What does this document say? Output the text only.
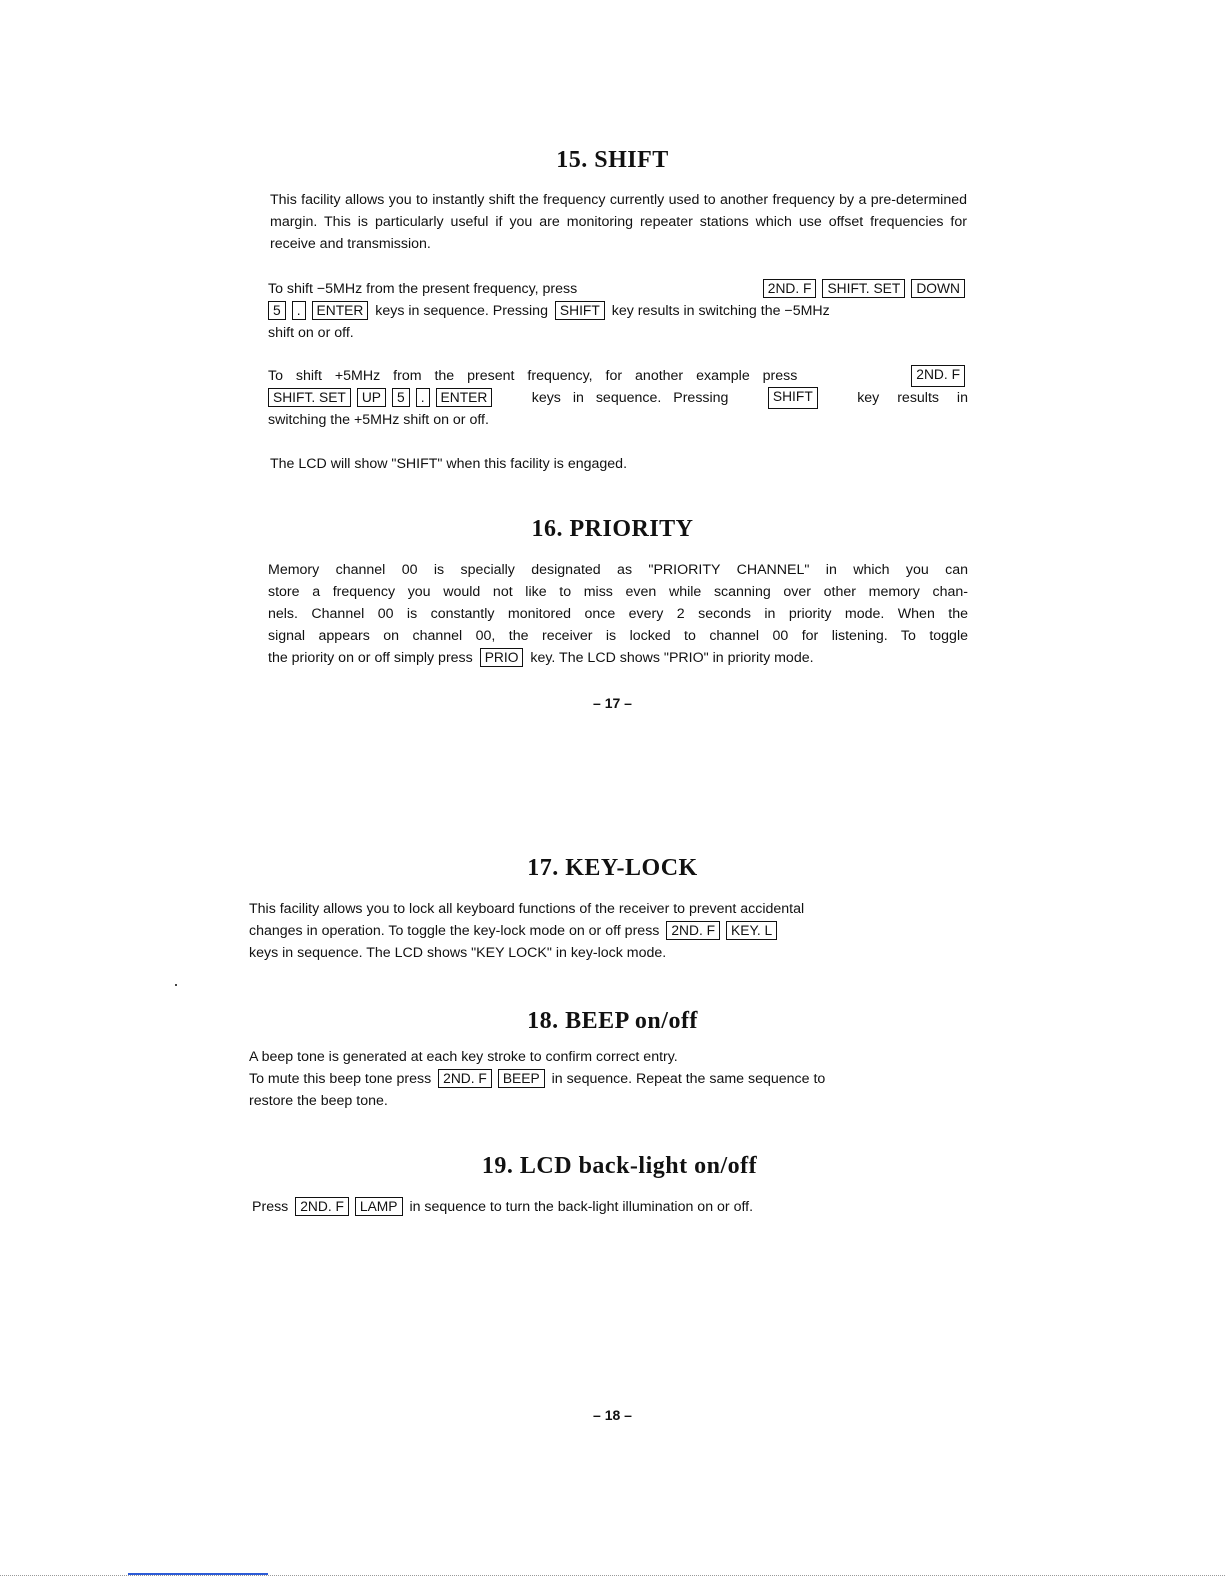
15. SHIFT

This facility allows you to instantly shift the frequency currently used to another frequency by a pre-determined margin. This is particularly useful if you are monitoring repeater stations which use offset frequencies for receive and transmission.

To shift −5MHz from the present frequency, press	2ND. F SHIFT. SET DOWN
5 . ENTER keys in sequence. Pressing SHIFT key results in switching the −5MHz
shift on or off.
To shift +5MHz from the present frequency, for another example press	2ND. F
SHIFT. SET UP 5 . ENTER	keys in sequence. Pressing	SHIFT	key results in
switching the +5MHz shift on or off.

The LCD will show "SHIFT" when this facility is engaged.

16. PRIORITY
Memory channel 00 is specially designated as "PRIORITY CHANNEL" in which you can
store a frequency you would not like to miss even while scanning over other memory chan-
nels. Channel 00 is constantly monitored once every 2 seconds in priority mode. When the
signal appears on channel 00, the receiver is locked to channel 00 for listening. To toggle
the priority on or off simply press PRIO key. The LCD shows "PRIO" in priority mode.
– 17 –
17. KEY-LOCK
This facility allows you to lock all keyboard functions of the receiver to prevent accidental
changes in operation. To toggle the key-lock mode on or off press 2ND. F KEY. L
keys in sequence. The LCD shows "KEY LOCK" in key-lock mode.
18. BEEP on/off
A beep tone is generated at each key stroke to confirm correct entry.
To mute this beep tone press 2ND. F BEEP in sequence. Repeat the same sequence to
restore the beep tone.
19. LCD back-light on/off
Press 2ND. F LAMP in sequence to turn the back-light illumination on or off.
– 18 –
